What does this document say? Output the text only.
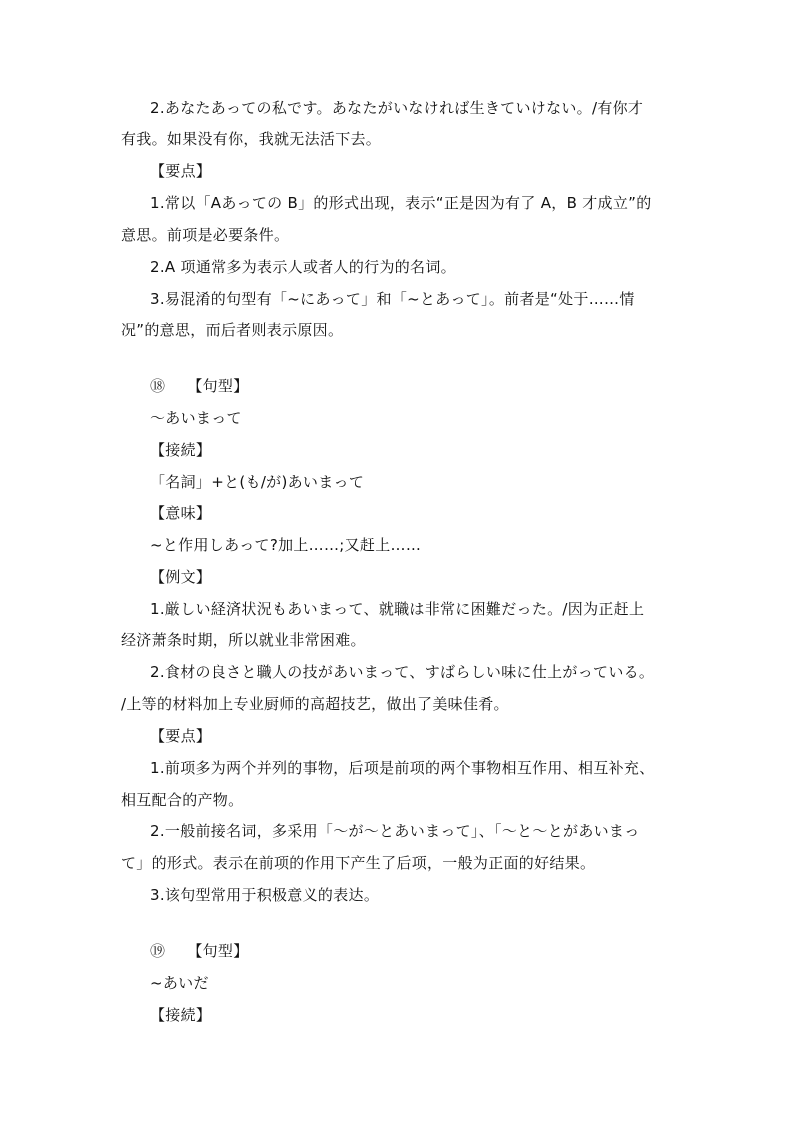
2.あなたあっての私です。あなたがいなければ生きていけない。/有你才
有我。如果没有你，我就无法活下去。
【要点】
1.常以「Aあっての B」的形式出现，表示“正是因为有了 A，B 才成立”的
意思。前项是必要条件。
2.A 项通常多为表示人或者人的行为的名词。
3.易混淆的句型有「~にあって」和「~とあって」。前者是“处于……情
况”的意思，而后者则表示原因。
⑱ 【句型】
～あいまって
【接続】
「名詞」+と(も/が)あいまって
【意味】
~と作用しあって?加上……;又赶上……
【例文】
1.厳しい経済状況もあいまって、就職は非常に困難だった。/因为正赶上
经济萧条时期，所以就业非常困难。
2.食材の良さと職人の技があいまって、すばらしい味に仕上がっている。
/上等的材料加上专业厨师的高超技艺，做出了美味佳肴。
【要点】
1.前项多为两个并列的事物，后项是前项的两个事物相互作用、相互补充、
相互配合的产物。
2.一般前接名词，多采用「～が～とあいまって」、「～と～とがあいまっ
て」的形式。表示在前项的作用下产生了后项，一般为正面的好结果。
3.该句型常用于积极意义的表达。
⑲ 【句型】
~あいだ
【接続】
